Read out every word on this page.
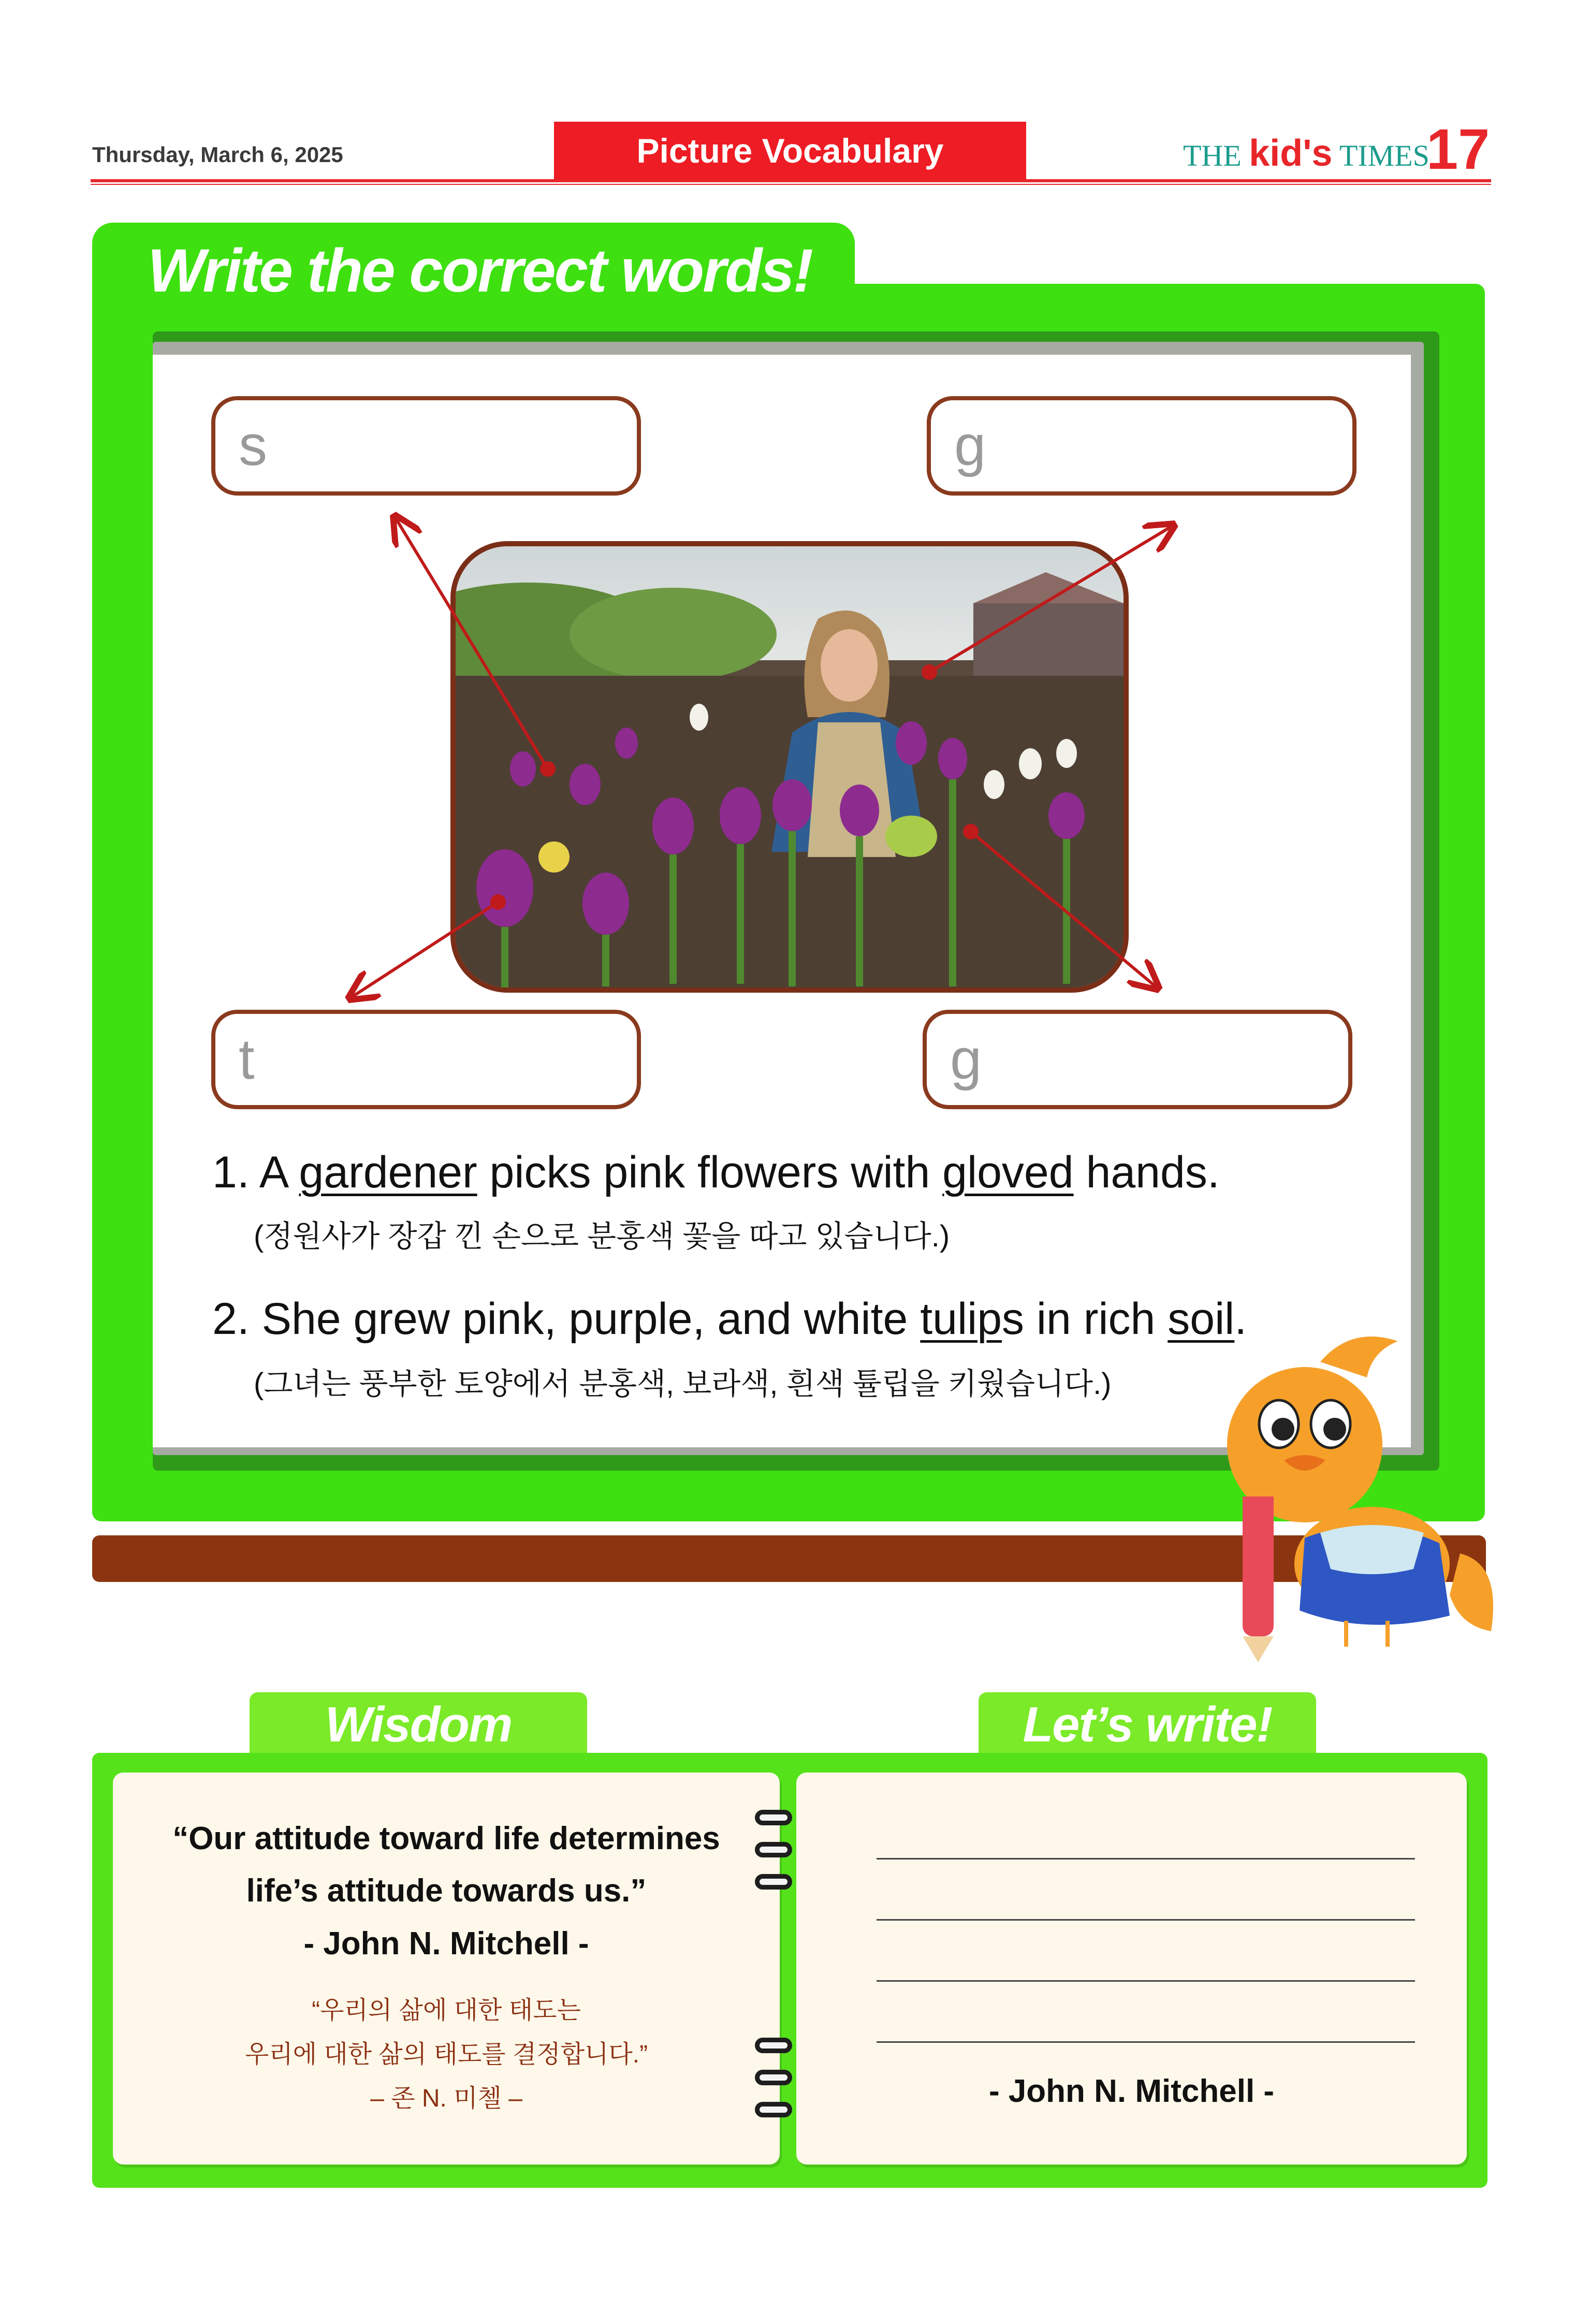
Thursday, March 6, 2025	Picture Vocabulary	THE kid's TIMES
17
Write the correct words!
s	g
t	g
1. A gardener picks pink flowers with gloved hands.
(정원사가 장갑 낀 손으로 분홍색 꽃을 따고 있습니다.)
2. She grew pink, purple, and white tulips in rich soil.
(그녀는 풍부한 토양에서 분홍색, 보라색, 흰색 튤립을 키웠습니다.)
Wisdom	Let’s write!
“Our attitude toward life determines
life’s attitude towards us.”
- John N. Mitchell -
“우리의 삶에 대한 태도는
우리에 대한 삶의 태도를 결정합니다.”
– 존 N. 미첼 –	- John N. Mitchell -
